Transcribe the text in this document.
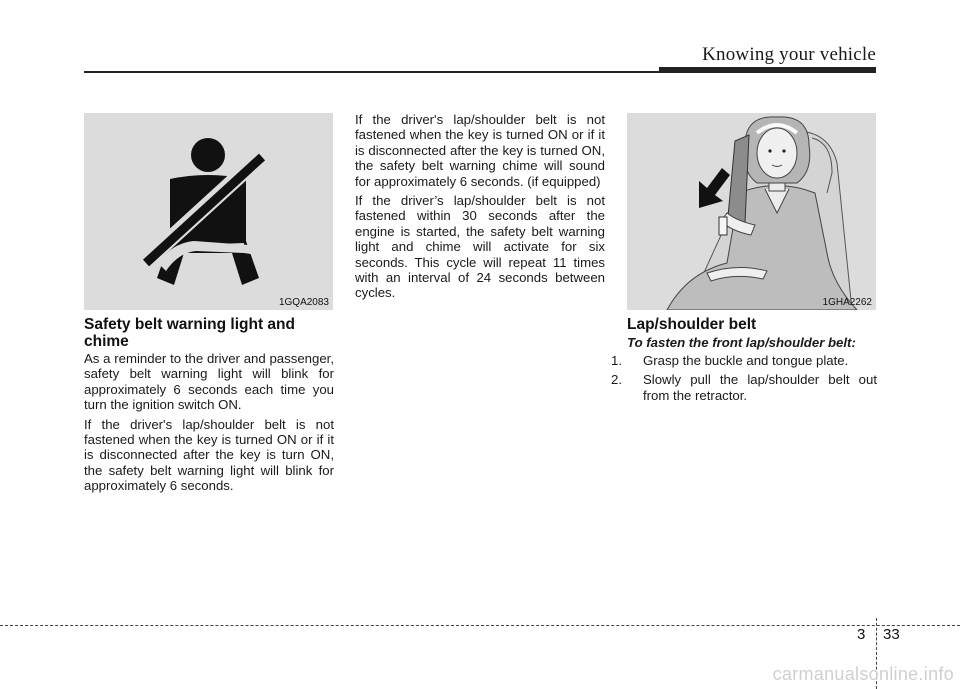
Knowing your vehicle
1GQA2083
Safety belt warning light and chime

As a reminder to the driver and passenger, safety belt warning light will blink for approximately 6 seconds each time you turn the ignition switch ON.

If the driver's lap/shoulder belt is not fastened when the key is turned ON or if it is disconnected after the key is turn ON, the safety belt warning light will blink for approximately 6 seconds.

If the driver's lap/shoulder belt is not fastened when the key is turned ON or if it is disconnected after the key is turned ON, the safety belt warning chime will sound for approximately 6 seconds. (if equipped)

If the driver’s lap/shoulder belt is not fastened within 30 seconds after the engine is started, the safety belt warning light and chime will activate for six seconds. This cycle will repeat 11 times with an interval of 24 seconds between cycles.

1GHA2262
Lap/shoulder belt
To fasten the front lap/shoulder belt:
1. Grasp the buckle and tongue plate.
2. Slowly pull the lap/shoulder belt out from the retractor.
3 33
carmanualsonline.info
